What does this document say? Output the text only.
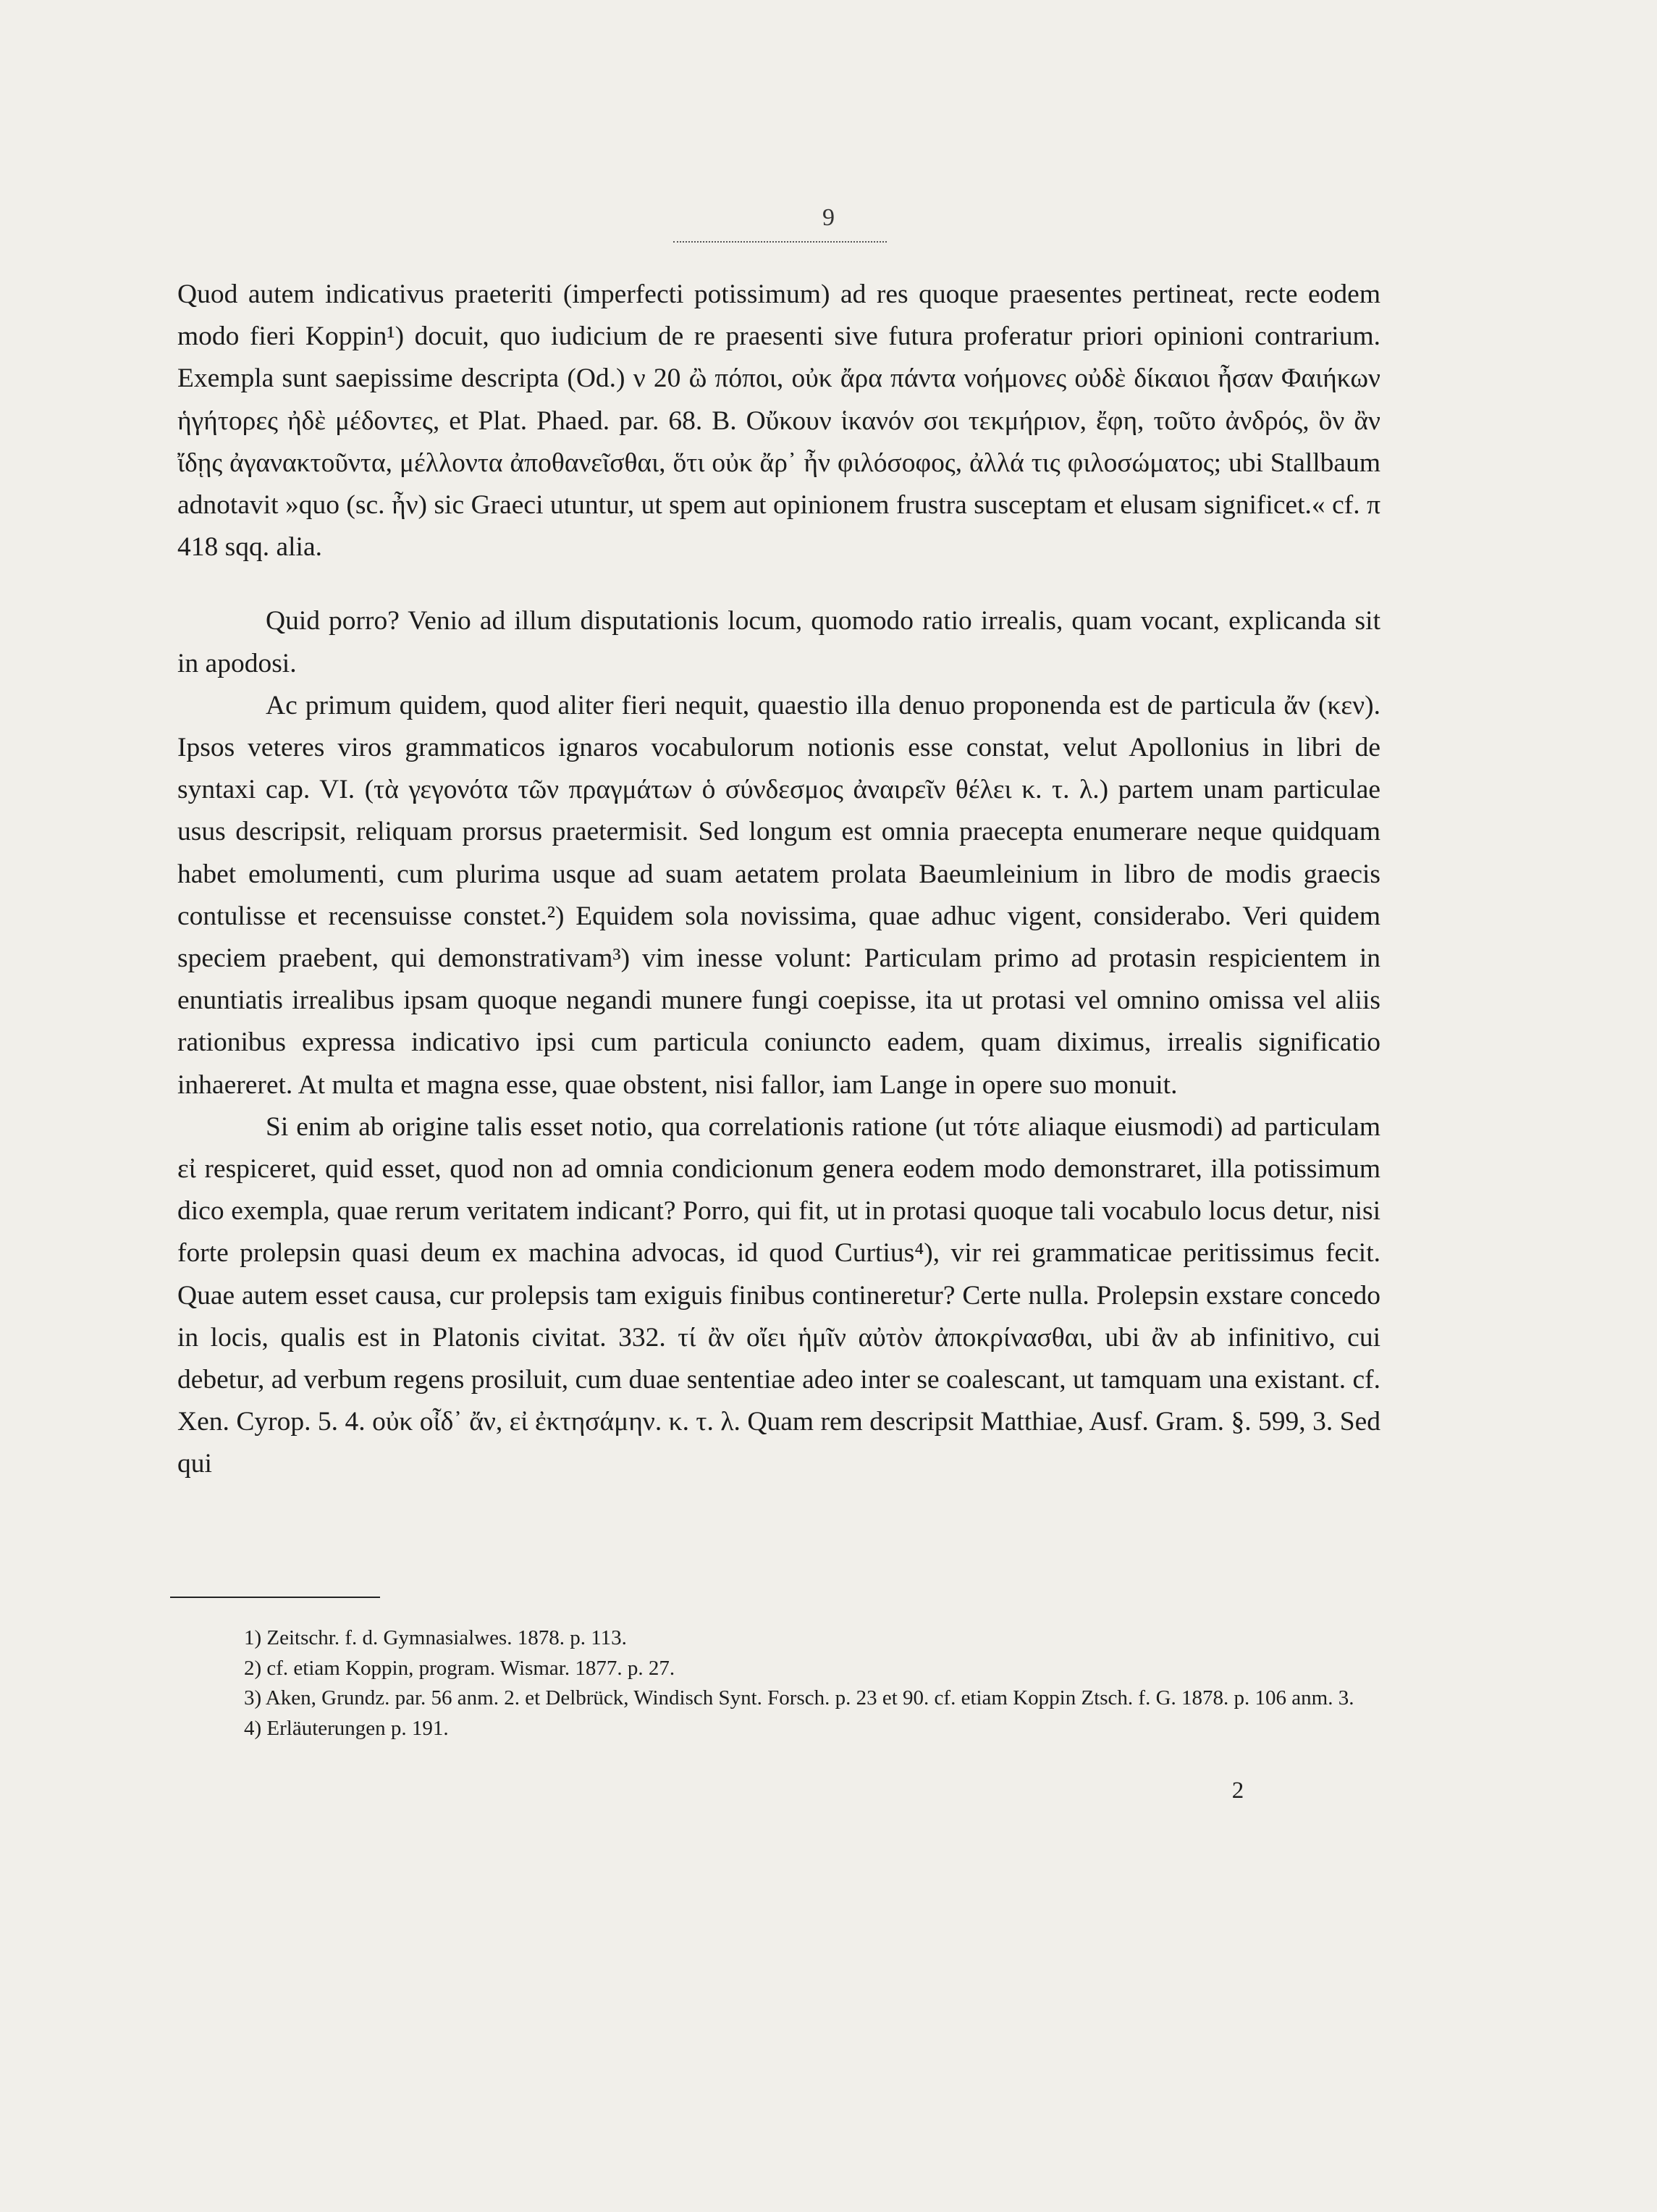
9

Quod autem indicativus praeteriti (imperfecti potissimum) ad res quoque praesentes pertineat, recte eodem modo fieri Koppin¹) docuit, quo iudicium de re praesenti sive futura proferatur priori opinioni contrarium. Exempla sunt saepissime descripta (Od.) ν 20 ὢ πόποι, οὐκ ἄρα πάντα νοήμονες οὐδὲ δίκαιοι ἦσαν Φαιήκων ἡγήτορες ἠδὲ μέδοντες, et Plat. Phaed. par. 68. B. Οὔκουν ἱκανόν σοι τεκμήριον, ἔφη, τοῦτο ἀνδρός, ὃν ἂν ἴδῃς ἀγανακτοῦντα, μέλλοντα ἀποθανεῖσθαι, ὅτι οὐκ ἄρ᾿ ἦν φιλόσοφος, ἀλλά τις φιλοσώματος; ubi Stallbaum adnotavit »quo (sc. ἦν) sic Graeci utuntur, ut spem aut opinionem frustra susceptam et elusam significet.« cf. π 418 sqq. alia.

Quid porro? Venio ad illum disputationis locum, quomodo ratio irrealis, quam vocant, explicanda sit in apodosi.

Ac primum quidem, quod aliter fieri nequit, quaestio illa denuo proponenda est de particula ἄν (κεν). Ipsos veteres viros grammaticos ignaros vocabulorum notionis esse constat, velut Apollonius in libri de syntaxi cap. VI. (τὰ γεγονότα τῶν πραγμάτων ὁ σύνδεσμος ἀναιρεῖν θέλει κ. τ. λ.) partem unam particulae usus descripsit, reliquam prorsus praetermisit. Sed longum est omnia praecepta enumerare neque quidquam habet emolumenti, cum plurima usque ad suam aetatem prolata Baeumleinium in libro de modis graecis contulisse et recensuisse constet.²) Equidem sola novissima, quae adhuc vigent, considerabo. Veri quidem speciem praebent, qui demonstrativam³) vim inesse volunt: Particulam primo ad protasin respicientem in enuntiatis irrealibus ipsam quoque negandi munere fungi coepisse, ita ut protasi vel omnino omissa vel aliis rationibus expressa indicativo ipsi cum particula coniuncto eadem, quam diximus, irrealis significatio inhaereret. At multa et magna esse, quae obstent, nisi fallor, iam Lange in opere suo monuit.

Si enim ab origine talis esset notio, qua correlationis ratione (ut τότε aliaque eiusmodi) ad particulam εἰ respiceret, quid esset, quod non ad omnia condicionum genera eodem modo demonstraret, illa potissimum dico exempla, quae rerum veritatem indicant? Porro, qui fit, ut in protasi quoque tali vocabulo locus detur, nisi forte prolepsin quasi deum ex machina advocas, id quod Curtius⁴), vir rei grammaticae peritissimus fecit. Quae autem esset causa, cur prolepsis tam exiguis finibus contineretur? Certe nulla. Prolepsin exstare concedo in locis, qualis est in Platonis civitat. 332. τί ἂν οἴει ἡμῖν αὐτὸν ἀποκρίνασθαι, ubi ἂν ab infinitivo, cui debetur, ad verbum regens prosiluit, cum duae sententiae adeo inter se coalescant, ut tamquam una existant. cf. Xen. Cyrop. 5. 4. οὐκ οἶδ᾿ ἄν, εἰ ἐκτησάμην. κ. τ. λ. Quam rem descripsit Matthiae, Ausf. Gram. §. 599, 3. Sed qui

1) Zeitschr. f. d. Gymnasialwes. 1878. p. 113.

2) cf. etiam Koppin, program. Wismar. 1877. p. 27.

3) Aken, Grundz. par. 56 anm. 2. et Delbrück, Windisch Synt. Forsch. p. 23 et 90. cf. etiam Koppin Ztsch. f. G. 1878. p. 106 anm. 3.

4) Erläuterungen p. 191.

2
